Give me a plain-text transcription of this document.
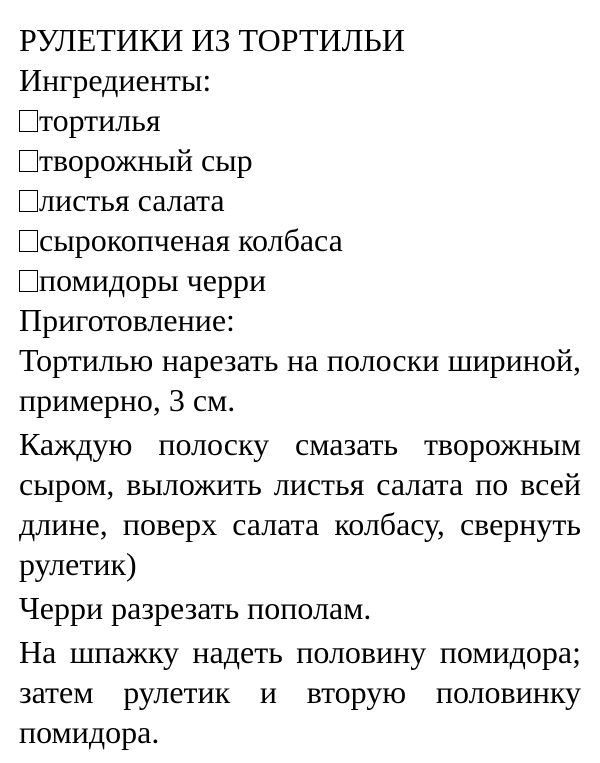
РУЛЕТИКИ ИЗ ТОРТИЛЬИ
Ингредиенты:
тортилья
творожный сыр
листья салата
сырокопченая колбаса
помидоры черри
Приготовление:
Тортилью нарезать на полоски шириной, примерно, 3 см.
Каждую полоску смазать творожным сыром, выложить листья салата по всей длине, поверх салата колбасу, свернуть рулетик)
Черри разрезать пополам.
На шпажку надеть половину помидора; затем рулетик и вторую половинку помидора.
